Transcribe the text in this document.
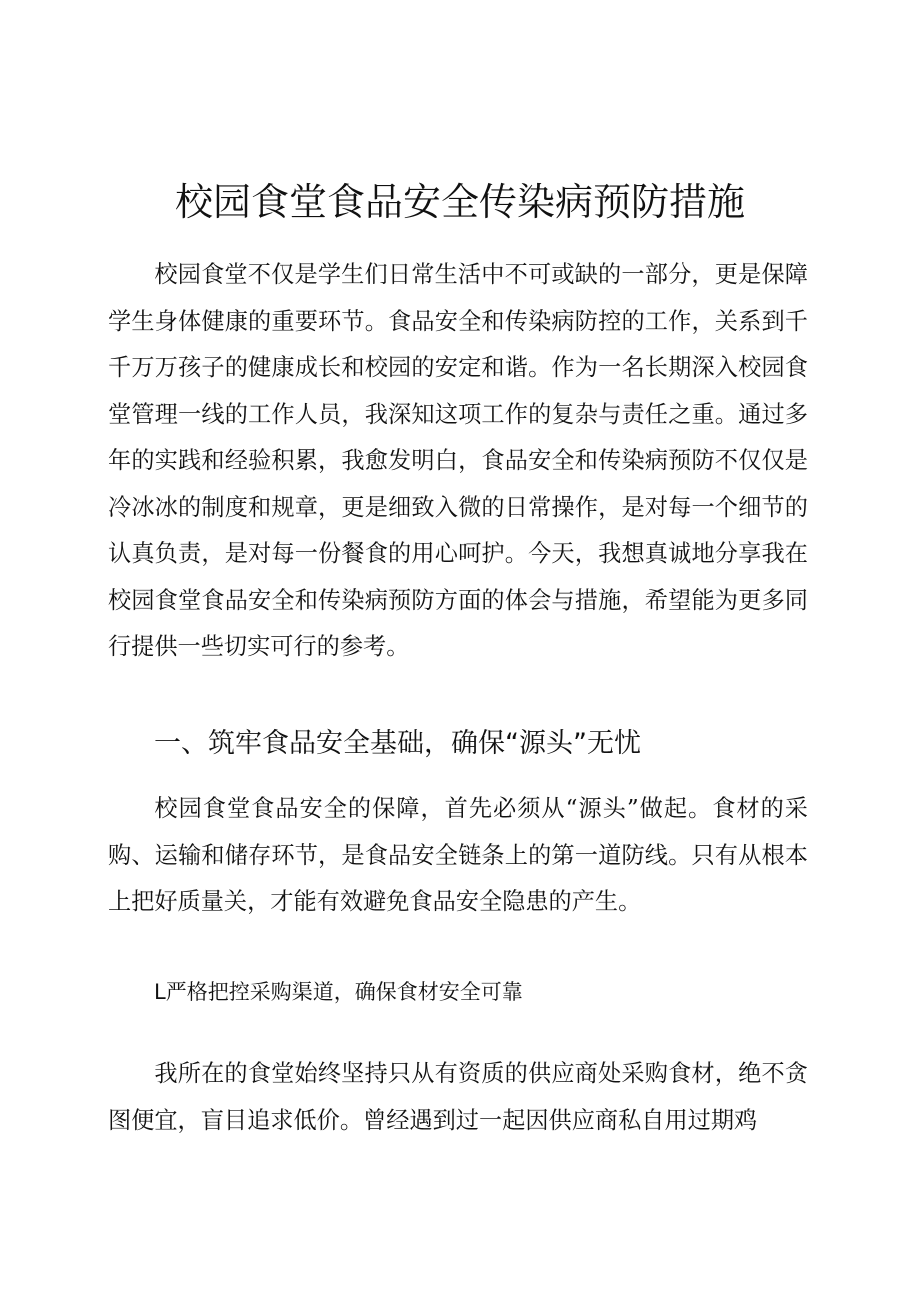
校园食堂食品安全传染病预防措施

校园食堂不仅是学生们日常生活中不可或缺的一部分，更是保障学生身体健康的重要环节。食品安全和传染病防控的工作，关系到千千万万孩子的健康成长和校园的安定和谐。作为一名长期深入校园食堂管理一线的工作人员，我深知这项工作的复杂与责任之重。通过多年的实践和经验积累，我愈发明白，食品安全和传染病预防不仅仅是冷冰冰的制度和规章，更是细致入微的日常操作，是对每一个细节的认真负责，是对每一份餐食的用心呵护。今天，我想真诚地分享我在校园食堂食品安全和传染病预防方面的体会与措施，希望能为更多同行提供一些切实可行的参考。

一、筑牢食品安全基础，确保“源头”无忧

校园食堂食品安全的保障，首先必须从“源头”做起。食材的采购、运输和储存环节，是食品安全链条上的第一道防线。只有从根本上把好质量关，才能有效避免食品安全隐患的产生。

L严格把控采购渠道，确保食材安全可靠

我所在的食堂始终坚持只从有资质的供应商处采购食材，绝不贪图便宜，盲目追求低价。曾经遇到过一起因供应商私自用过期鸡
